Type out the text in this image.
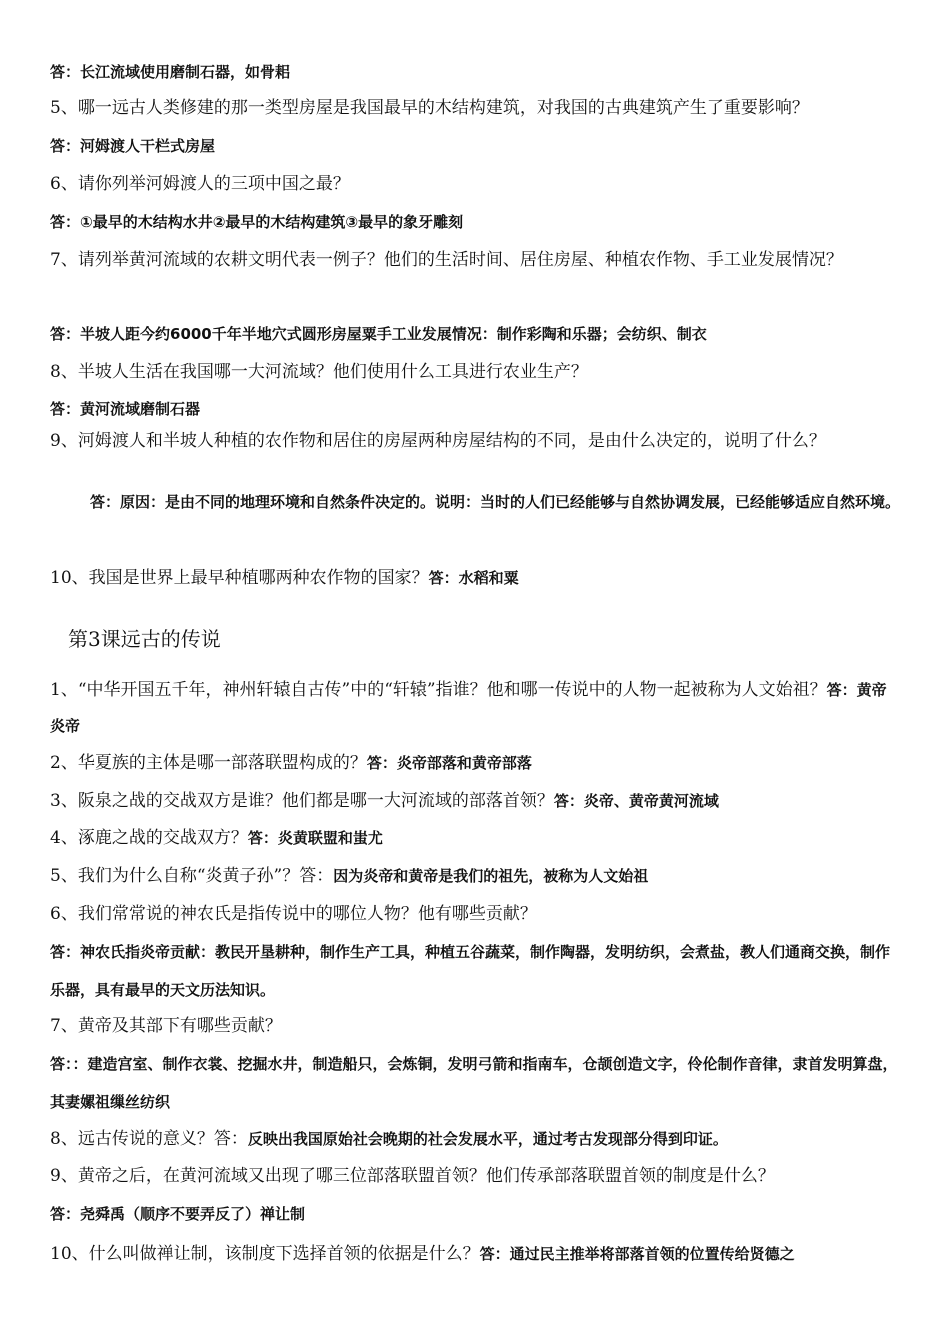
答：长江流域使用磨制石器，如骨耜
5、哪一远古人类修建的那一类型房屋是我国最早的木结构建筑，对我国的古典建筑产生了重要影响？
答：河姆渡人干栏式房屋
6、请你列举河姆渡人的三项中国之最？
答：①最早的木结构水井②最早的木结构建筑③最早的象牙雕刻
7、请列举黄河流域的农耕文明代表一例子？他们的生活时间、居住房屋、种植农作物、手工业发展情况？
答：半坡人距今约6000千年半地穴式圆形房屋粟手工业发展情况：制作彩陶和乐器；会纺织、制衣
8、半坡人生活在我国哪一大河流域？他们使用什么工具进行农业生产？
答：黄河流域磨制石器
9、河姆渡人和半坡人种植的农作物和居住的房屋两种房屋结构的不同，是由什么决定的，说明了什么？
答：原因：是由不同的地理环境和自然条件决定的。说明：当时的人们已经能够与自然协调发展，已经能够适应自然环境。
10、我国是世界上最早种植哪两种农作物的国家？答：水稻和粟
第3课远古的传说
1、“中华开国五千年，神州轩辕自古传”中的“轩辕”指谁？他和哪一传说中的人物一起被称为人文始祖？答：黄帝炎帝
2、华夏族的主体是哪一部落联盟构成的？答：炎帝部落和黄帝部落
3、阪泉之战的交战双方是谁？他们都是哪一大河流域的部落首领？答：炎帝、黄帝黄河流域
4、涿鹿之战的交战双方？答：炎黄联盟和蚩尤
5、我们为什么自称“炎黄子孙”？答：因为炎帝和黄帝是我们的祖先，被称为人文始祖
6、我们常常说的神农氏是指传说中的哪位人物？他有哪些贡献？
答：神农氏指炎帝贡献：教民开垦耕种，制作生产工具，种植五谷蔬菜，制作陶器，发明纺织，会煮盐，教人们通商交换，制作乐器，具有最早的天文历法知识。
7、黄帝及其部下有哪些贡献？
答：：建造宫室、制作衣裳、挖掘水井，制造船只，会炼铜，发明弓箭和指南车，仓颉创造文字，伶伦制作音律，隶首发明算盘，其妻嫘祖缫丝纺织
8、远古传说的意义？答：反映出我国原始社会晚期的社会发展水平，通过考古发现部分得到印证。
9、黄帝之后，在黄河流域又出现了哪三位部落联盟首领？他们传承部落联盟首领的制度是什么？
答：尧舜禹（顺序不要弄反了）禅让制
10、什么叫做禅让制，该制度下选择首领的依据是什么？答：通过民主推举将部落首领的位置传给贤德之
